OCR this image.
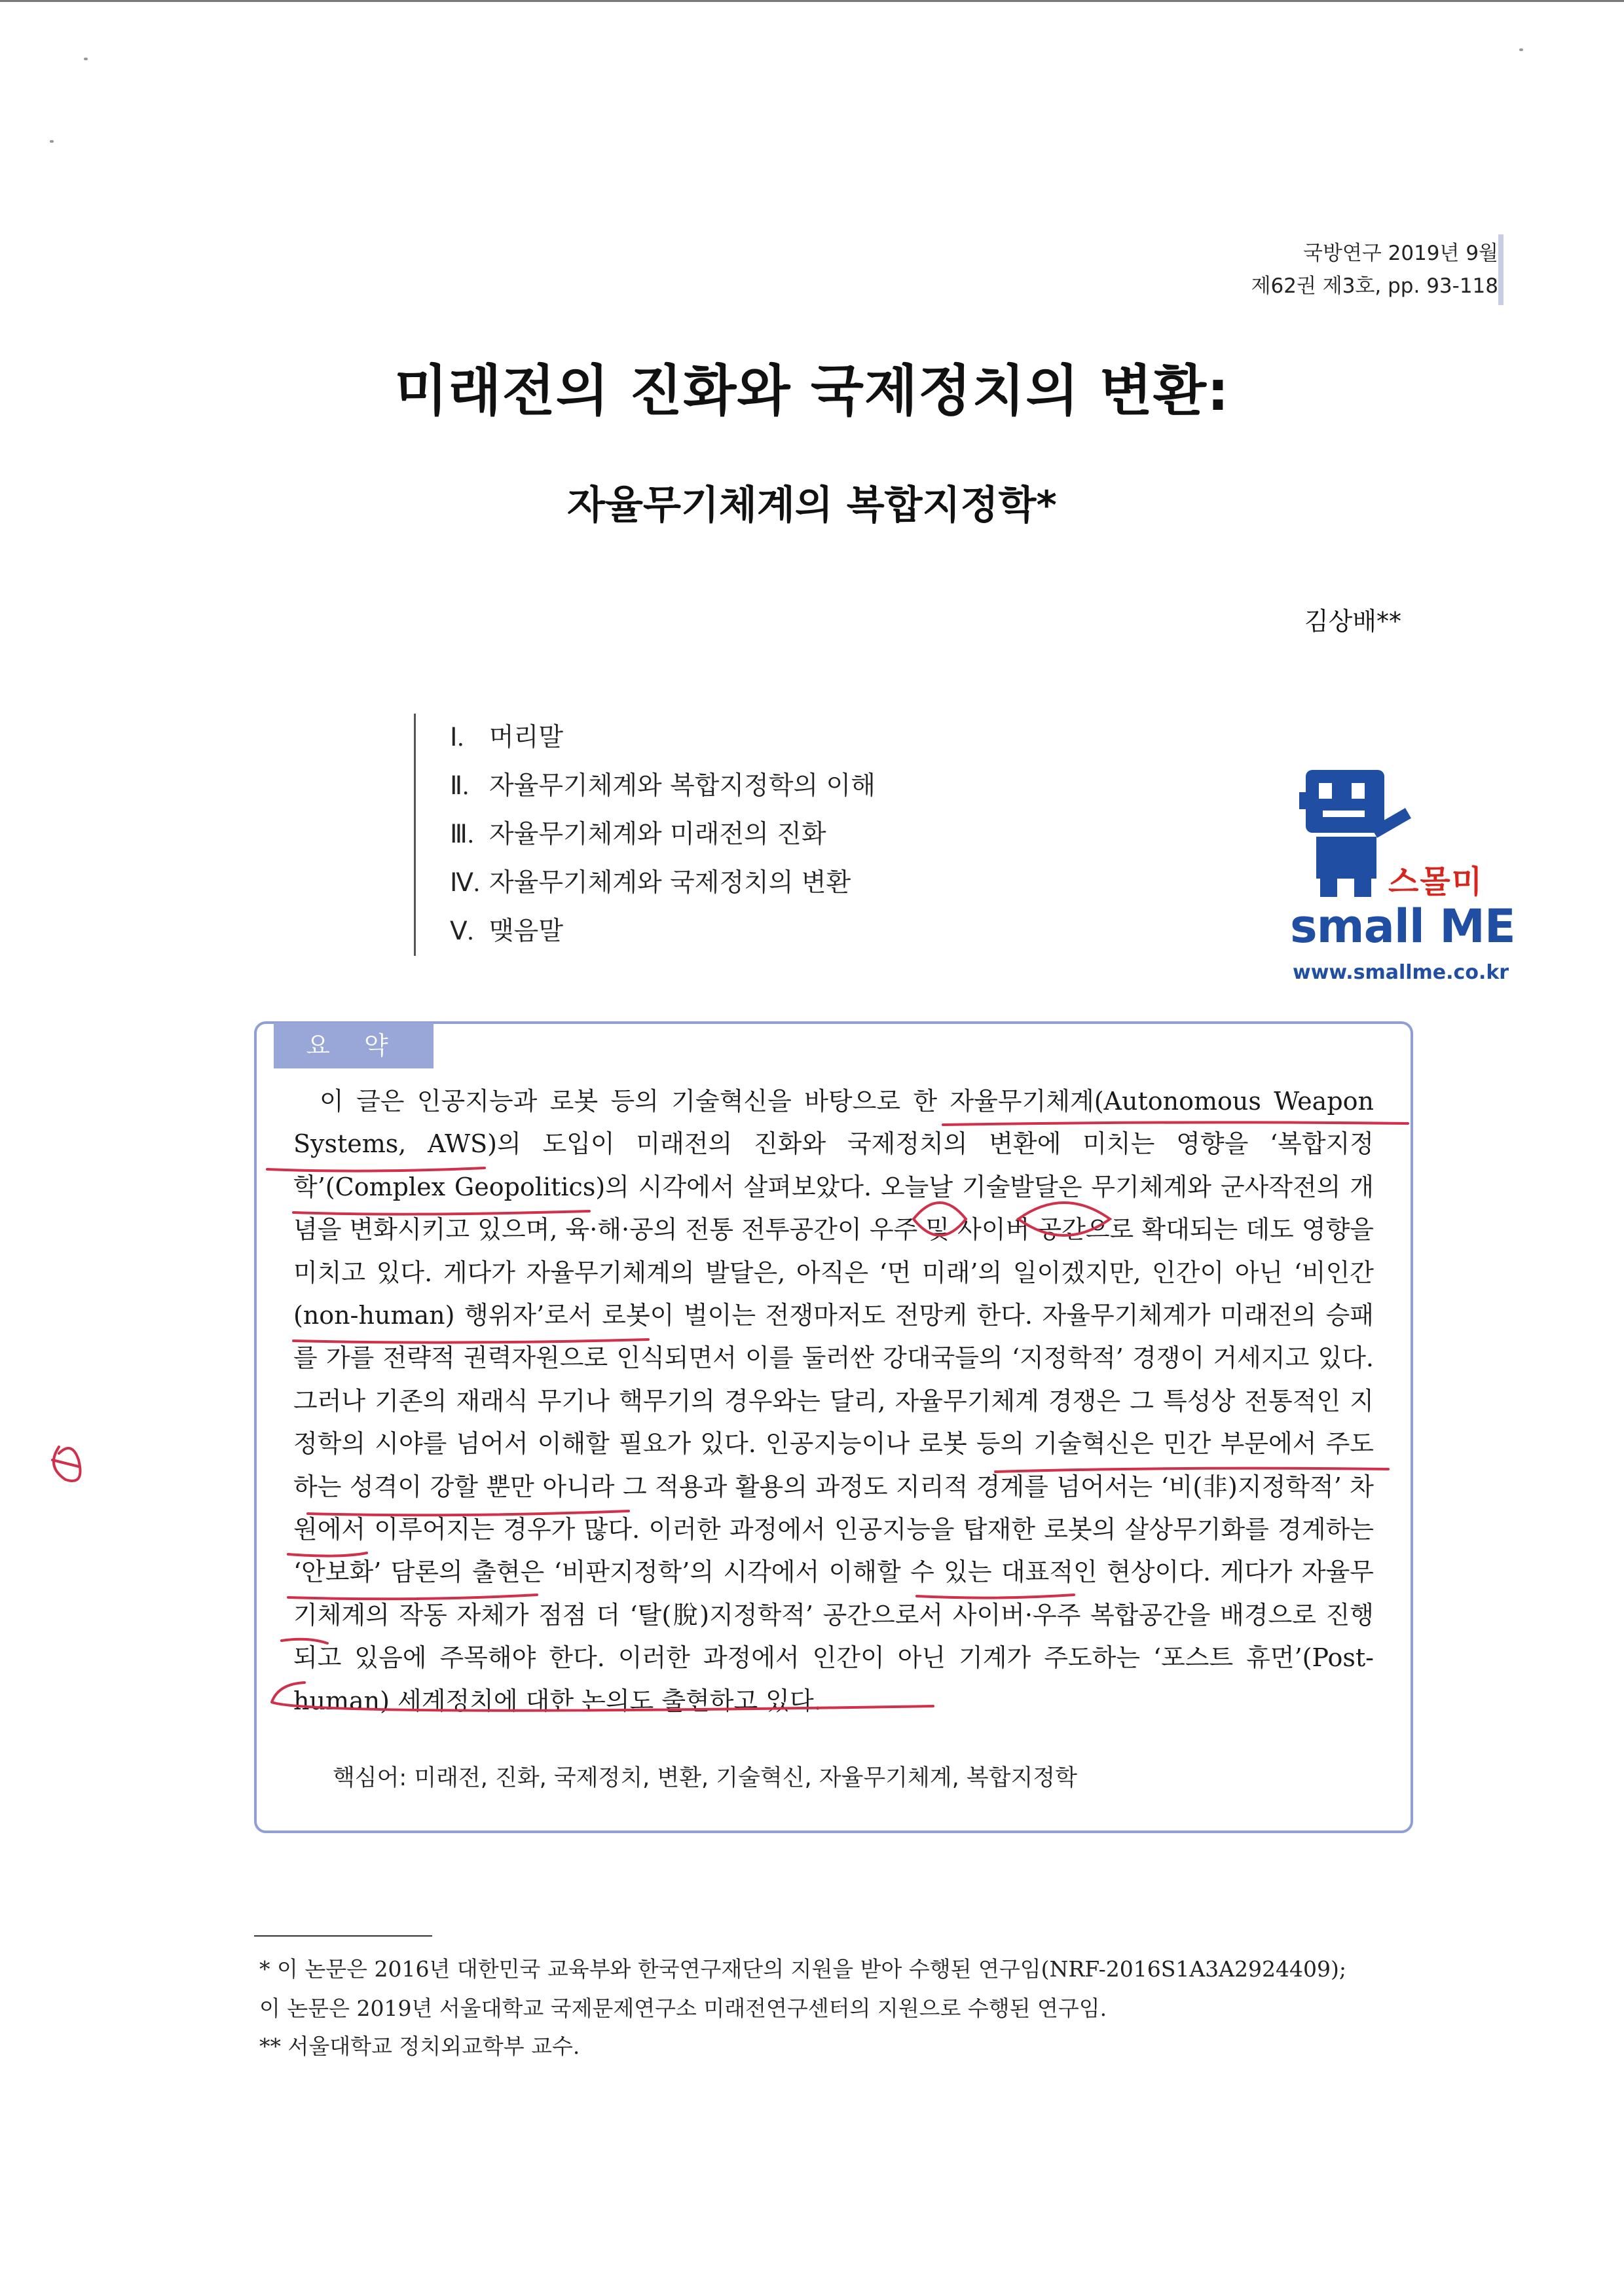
국방연구 2019년 9월
제62권 제3호, pp. 93-118
미래전의 진화와 국제정치의 변환:
자율무기체계의 복합지정학*
김상배**
Ⅰ. 머리말
Ⅱ. 자율무기체계와 복합지정학의 이해
Ⅲ. 자율무기체계와 미래전의 진화
Ⅳ. 자율무기체계와 국제정치의 변환
Ⅴ. 맺음말
스몰미
small ME
www.smallme.co.kr
요 약
이 글은 인공지능과 로봇 등의 기술혁신을 바탕으로 한 자율무기체계(Autonomous Weapon Systems, AWS)의 도입이 미래전의 진화와 국제정치의 변환에 미치는 영향을 ‘복합지정학’(Complex Geopolitics)의 시각에서 살펴보았다. 오늘날 기술발달은 무기체계와 군사작전의 개념을 변화시키고 있으며, 육·해·공의 전통 전투공간이 우주 및 사이버 공간으로 확대되는 데도 영향을 미치고 있다. 게다가 자율무기체계의 발달은, 아직은 ‘먼 미래’의 일이겠지만, 인간이 아닌 ‘비인간(non-human) 행위자’로서 로봇이 벌이는 전쟁마저도 전망케 한다. 자율무기체계가 미래전의 승패를 가를 전략적 권력자원으로 인식되면서 이를 둘러싼 강대국들의 ‘지정학적’ 경쟁이 거세지고 있다. 그러나 기존의 재래식 무기나 핵무기의 경우와는 달리, 자율무기체계 경쟁은 그 특성상 전통적인 지정학의 시야를 넘어서 이해할 필요가 있다. 인공지능이나 로봇 등의 기술혁신은 민간 부문에서 주도하는 성격이 강할 뿐만 아니라 그 적용과 활용의 과정도 지리적 경계를 넘어서는 ‘비(非)지정학적’ 차원에서 이루어지는 경우가 많다. 이러한 과정에서 인공지능을 탑재한 로봇의 살상무기화를 경계하는 ‘안보화’ 담론의 출현은 ‘비판지정학’의 시각에서 이해할 수 있는 대표적인 현상이다. 게다가 자율무기체계의 작동 자체가 점점 더 ‘탈(脫)지정학적’ 공간으로서 사이버·우주 복합공간을 배경으로 진행되고 있음에 주목해야 한다. 이러한 과정에서 인간이 아닌 기계가 주도하는 ‘포스트 휴먼’(Post-human) 세계정치에 대한 논의도 출현하고 있다.
핵심어: 미래전, 진화, 국제정치, 변환, 기술혁신, 자율무기체계, 복합지정학
* 이 논문은 2016년 대한민국 교육부와 한국연구재단의 지원을 받아 수행된 연구임(NRF-2016S1A3A2924409);
이 논문은 2019년 서울대학교 국제문제연구소 미래전연구센터의 지원으로 수행된 연구임.
** 서울대학교 정치외교학부 교수.
